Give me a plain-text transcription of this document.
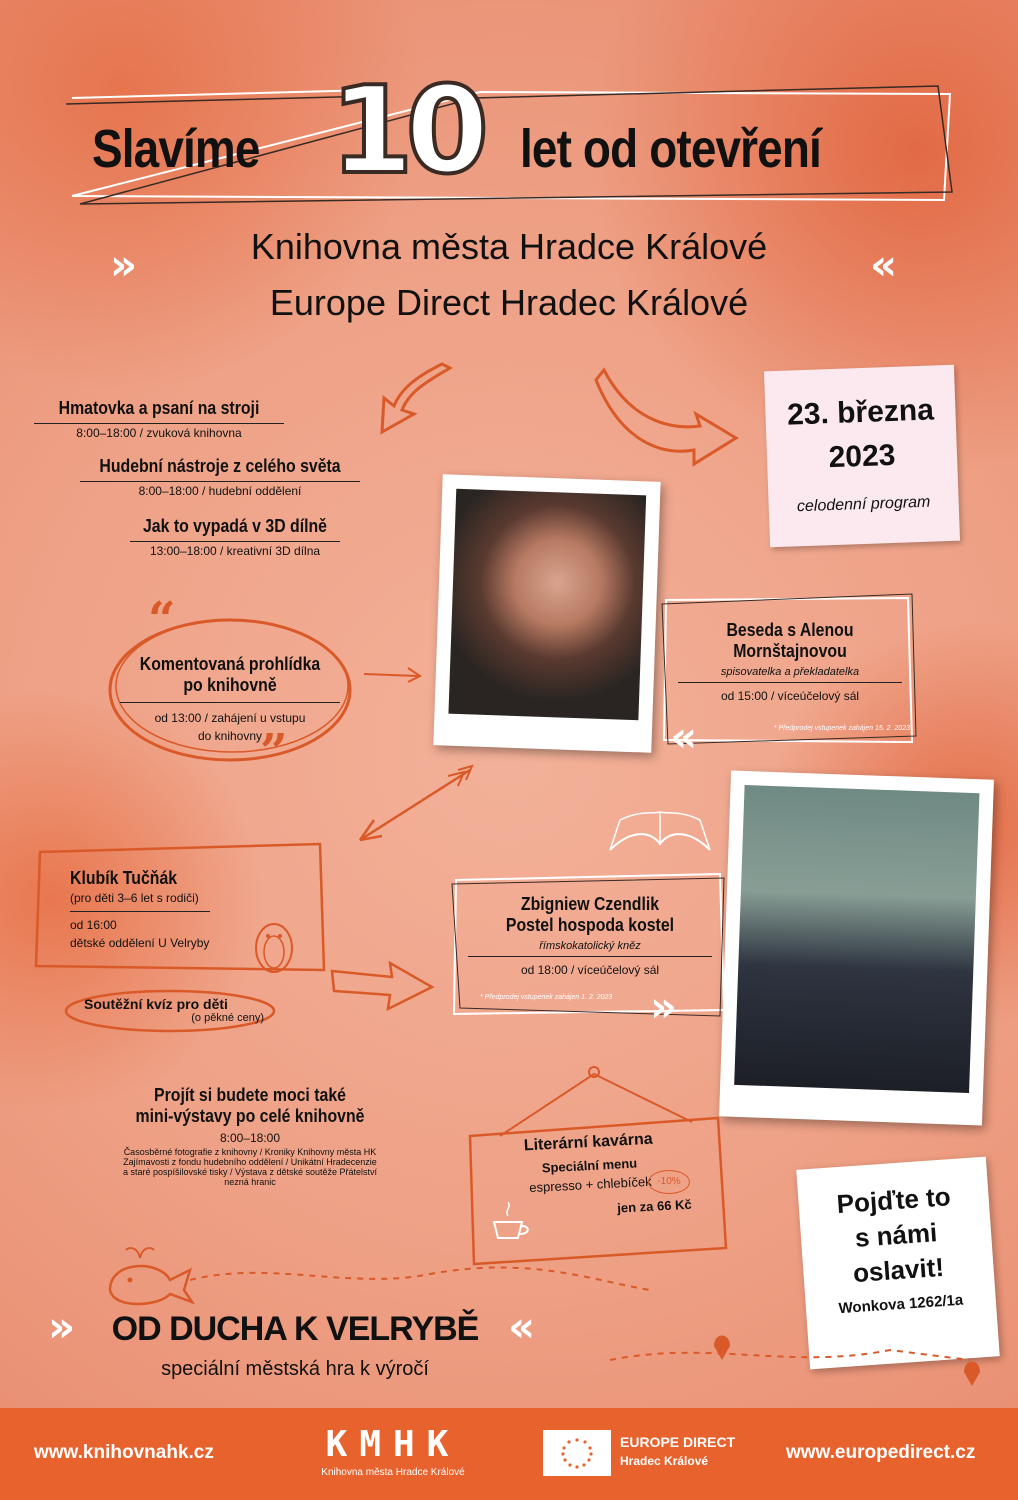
Slavíme 10 let od otevření
Knihovna města Hradce Králové
Europe Direct Hradec Králové
»	«
23. března
2023
celodenní program
Hmatovka a psaní na stroji
8:00–18:00 / zvuková knihovna
Hudební nástroje z celého světa
8:00–18:00 / hudební oddělení
Jak to vypadá v 3D dílně
13:00–18:00 / kreativní 3D dílna
“
”
Komentovaná prohlídka
po knihovně
od 13:00 / zahájení u vstupu
do knihovny
Beseda s Alenou
Mornštajnovou
spisovatelka a překladatelka
od 15:00 / víceúčelový sál
* Předprodej vstupenek zahájen 15. 2. 2023
«
Klubík Tučňák
(pro děti 3–6 let s rodiči)
od 16:00
dětské oddělení U Velryby
Soutěžní kvíz pro děti
(o pěkné ceny)
Zbigniew Czendlik
Postel hospoda kostel
římskokatolický kněz
od 18:00 / víceúčelový sál
* Předprodej vstupenek zahájen 1. 2. 2023 »
Projít si budete moci také
mini-výstavy po celé knihovně
8:00–18:00
Časosběrné fotografie z knihovny / Kroniky Knihovny města HK
Zajímavosti z fondu hudebního oddělení / Unikátní Hradecenzie
a staré pospíšilovské tisky / Výstava z dětské soutěže Přátelství
nezná hranic
Literární kavárna
Speciální menu
espresso + chlebíček
jen za 66 Kč
-10%	Pojďte to
s námi
oslavit!
Wonkova 1262/1a
»	«
OD DUCHA K VELRYBĚ
speciální městská hra k výročí
www.knihovnahk.cz	KMHK
Knihovna města Hradce Králové
EUROPE DIRECT
Hradec Králové	www.europedirect.cz
